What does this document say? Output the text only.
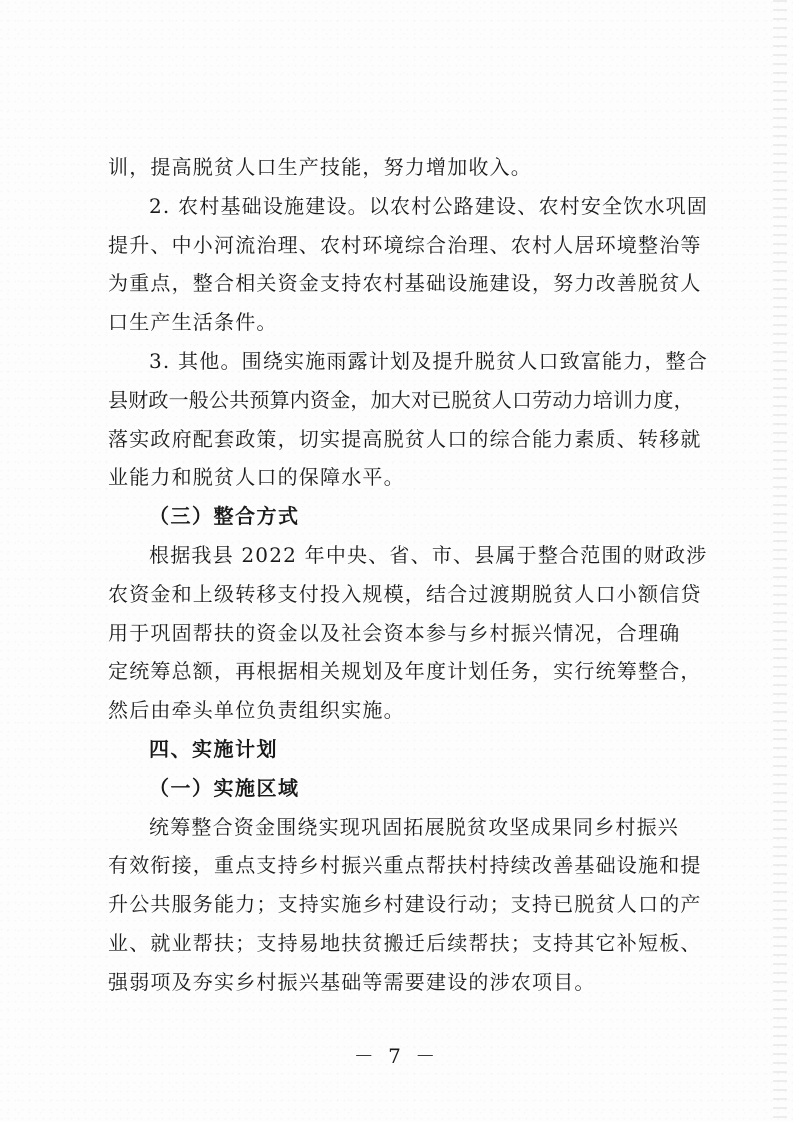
训，提高脱贫人口生产技能，努力增加收入。
2. 农村基础设施建设。以农村公路建设、农村安全饮水巩固
提升、中小河流治理、农村环境综合治理、农村人居环境整治等
为重点，整合相关资金支持农村基础设施建设，努力改善脱贫人
口生产生活条件。
3. 其他。围绕实施雨露计划及提升脱贫人口致富能力，整合
县财政一般公共预算内资金，加大对已脱贫人口劳动力培训力度，
落实政府配套政策，切实提高脱贫人口的综合能力素质、转移就
业能力和脱贫人口的保障水平。
（三）整合方式
根据我县 2022 年中央、省、市、县属于整合范围的财政涉
农资金和上级转移支付投入规模，结合过渡期脱贫人口小额信贷
用于巩固帮扶的资金以及社会资本参与乡村振兴情况，合理确
定统筹总额，再根据相关规划及年度计划任务，实行统筹整合，
然后由牵头单位负责组织实施。
四、实施计划
（一）实施区域
统筹整合资金围绕实现巩固拓展脱贫攻坚成果同乡村振兴
有效衔接，重点支持乡村振兴重点帮扶村持续改善基础设施和提
升公共服务能力；支持实施乡村建设行动；支持已脱贫人口的产
业、就业帮扶；支持易地扶贫搬迁后续帮扶；支持其它补短板、
强弱项及夯实乡村振兴基础等需要建设的涉农项目。
－ 7 －
